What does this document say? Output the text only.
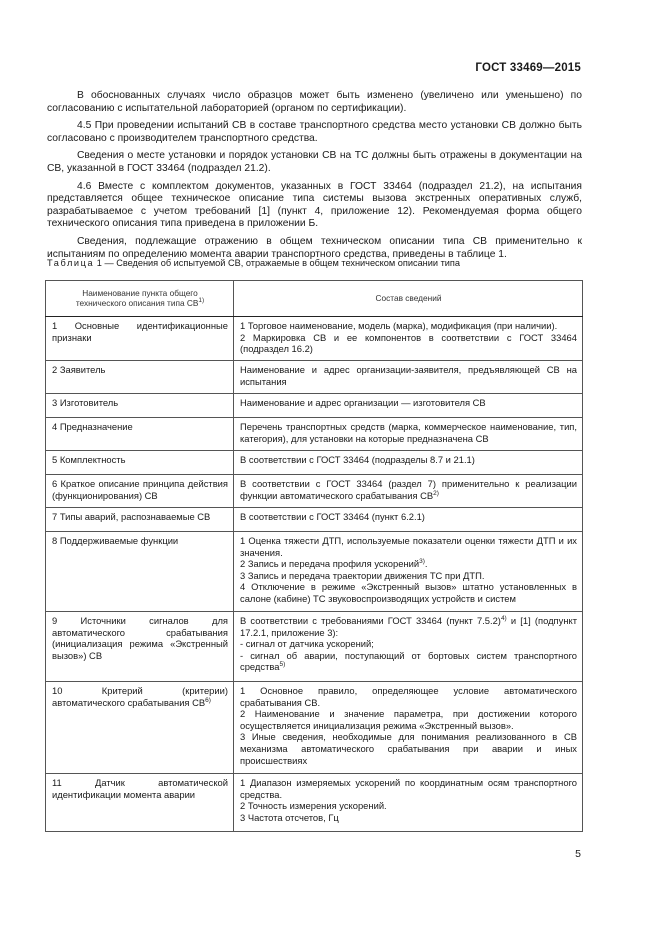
ГОСТ 33469—2015

В обоснованных случаях число образцов может быть изменено (увеличено или уменьшено) по согласованию с испытательной лабораторией (органом по сертификации).

4.5 При проведении испытаний СВ в составе транспортного средства место установки СВ должно быть согласовано с производителем транспортного средства.

Сведения о месте установки и порядок установки СВ на ТС должны быть отражены в документации на СВ, указанной в ГОСТ 33464 (подраздел 21.2).

4.6 Вместе с комплектом документов, указанных в ГОСТ 33464 (подраздел 21.2), на испытания представляется общее техническое описание типа системы вызова экстренных оперативных служб, разрабатываемое с учетом требований [1] (пункт 4, приложение 12). Рекомендуемая форма общего технического описания типа приведена в приложении Б.

Сведения, подлежащие отражению в общем техническом описании типа СВ применительно к испытаниям по определению момента аварии транспортного средства, приведены в таблице 1.

Таблица 1 — Сведения об испытуемой СВ, отражаемые в общем техническом описании типа
Наименование пункта общего
технического описания типа СВ$^{1)}$	Состав сведений
1 Основные идентификационные признаки	1 Торговое наименование, модель (марка), модификация (при наличии).
2 Маркировка СВ и ее компонентов в соответствии с ГОСТ 33464 (подраздел 16.2)

2 Заявитель	Наименование и адрес организации-заявителя, предъявляющей СВ на испытания
3 Изготовитель	Наименование и адрес организации — изготовителя СВ
4 Предназначение	Перечень транспортных средств (марка, коммерческое наименование, тип, категория), для установки на которые предназначена СВ
5 Комплектность	В соответствии с ГОСТ 33464 (подразделы 8.7 и 21.1)
6 Краткое описание принципа действия (функционирования) СВ	В соответствии с ГОСТ 33464 (раздел 7) применительно к реализации функции автоматического срабатывания СВ$^{2)}$
7 Типы аварий, распознаваемые СВ	В соответствии с ГОСТ 33464 (пункт 6.2.1)
8 Поддерживаемые функции	1 Оценка тяжести ДТП, используемые показатели оценки тяжести ДТП и их значения.
2 Запись и передача профиля ускорений$^{3)}$.
3 Запись и передача траектории движения ТС при ДТП.
4 Отключение в режиме «Экстренный вызов» штатно установленных в салоне (кабине) ТС звуковоспроизводящих устройств и систем

9 Источники сигналов для автоматического срабатывания (инициализация режима «Экстренный вызов») СВ	В соответствии с требованиями ГОСТ 33464 (пункт 7.5.2)$^{4)}$ и [1] (подпункт 17.2.1, приложение 3):
- сигнал от датчика ускорений;
- сигнал об аварии, поступающий от бортовых систем транспортного средства$^{5)}$

10 Критерий (критерии) автоматического срабатывания СВ$^{6)}$	1 Основное правило, определяющее условие автоматического срабатывания СВ.
2 Наименование и значение параметра, при достижении которого осуществляется инициализация режима «Экстренный вызов».
3 Иные сведения, необходимые для понимания реализованного в СВ механизма автоматического срабатывания при аварии и иных происшествиях

11 Датчик автоматической идентификации момента аварии	1 Диапазон измеряемых ускорений по координатным осям транспортного средства.
2 Точность измерения ускорений.
3 Частота отсчетов, Гц
5
